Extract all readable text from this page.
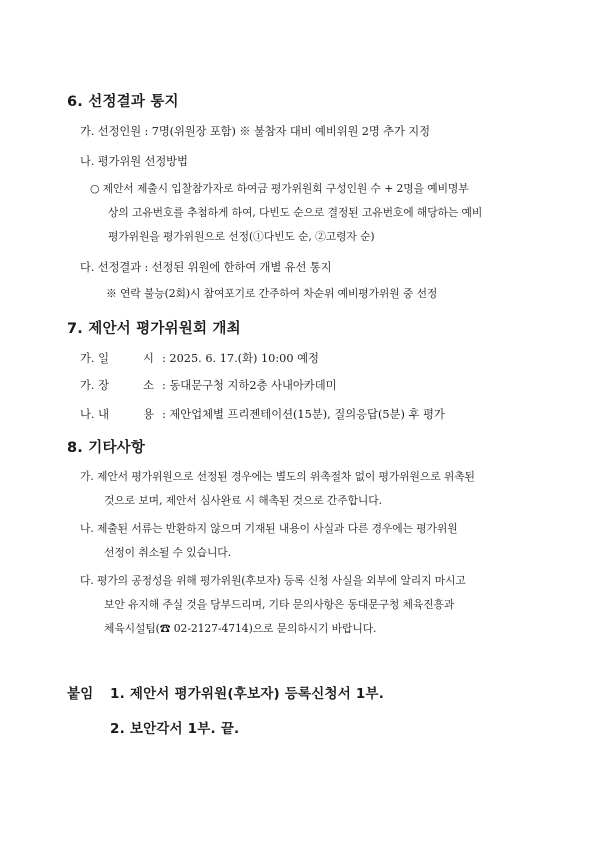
6. 선정결과 통지
가. 선정인원 : 7명(위원장 포함) ※ 불참자 대비 예비위원 2명 추가 지정
나. 평가위원 선정방법
○ 제안서 제출시 입찰참가자로 하여금 평가위원회 구성인원 수 + 2명을 예비명부
상의 고유번호를 추첨하게 하여, 다빈도 순으로 결정된 고유번호에 해당하는 예비
평가위원을 평가위원으로 선정(①다빈도 순, ②고령자 순)
다. 선정결과 : 선정된 위원에 한하여 개별 유선 통지
※ 연락 불능(2회)시 참여포기로 간주하여 차순위 예비평가위원 중 선정
7. 제안서 평가위원회 개최
가. 일	시 : 2025. 6. 17.(화) 10:00 예정
가. 장	소 : 동대문구청 지하2층 사내아카데미
나. 내	용 : 제안업체별 프리젠테이션(15분), 질의응답(5분) 후 평가
8. 기타사항
가. 제안서 평가위원으로 선정된 경우에는 별도의 위촉절차 없이 평가위원으로 위촉된
것으로 보며, 제안서 심사완료 시 해촉된 것으로 간주합니다.
나. 제출된 서류는 반환하지 않으며 기재된 내용이 사실과 다른 경우에는 평가위원
선정이 취소될 수 있습니다.
다. 평가의 공정성을 위해 평가위원(후보자) 등록 신청 사실을 외부에 알리지 마시고
보안 유지해 주실 것을 당부드리며, 기타 문의사항은 동대문구청 체육진흥과
체육시설팀(☎ 02-2127-4714)으로 문의하시기 바랍니다.
붙임 1. 제안서 평가위원(후보자) 등록신청서 1부.
2. 보안각서 1부. 끝.
